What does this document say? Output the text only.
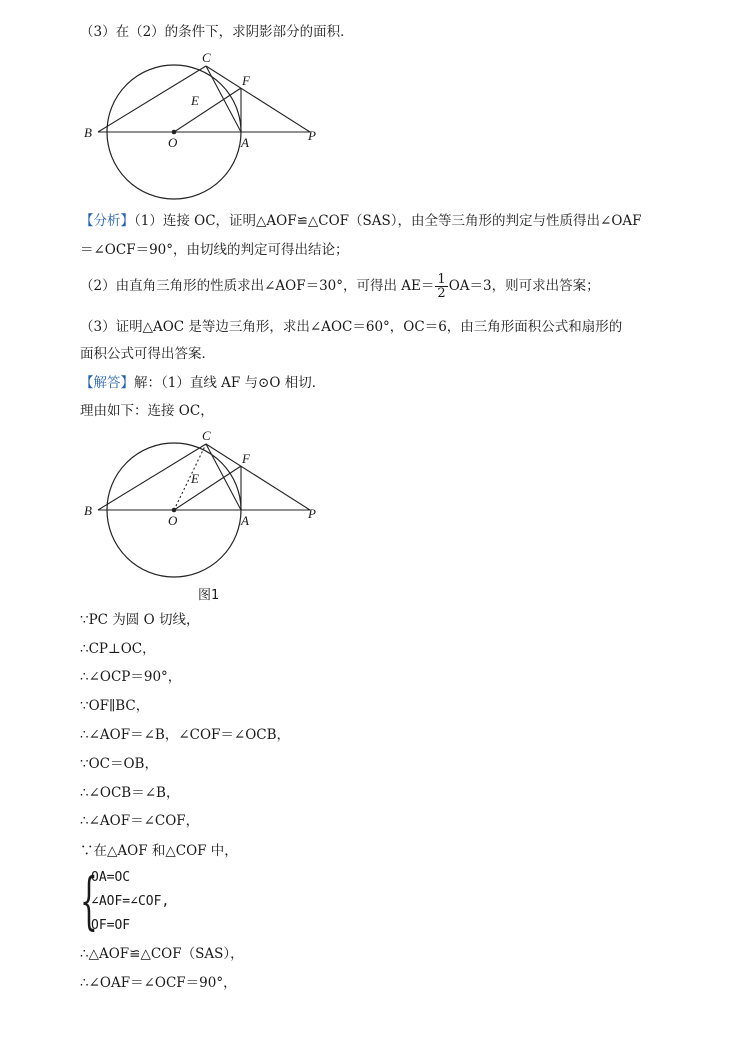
（3）在（2）的条件下，求阴影部分的面积．
C
F
E
B
O	A	P
【分析】（1）连接 OC，证明△AOF≌△COF（SAS），由全等三角形的判定与性质得出∠OAF
＝∠OCF＝90°，由切线的判定可得出结论；
（2）由直角三角形的性质求出∠AOF＝30°，可得出 $AE= \frac{1}{2} OA=3$，则可求出答案；
（3）证明△AOC 是等边三角形，求出∠AOC＝60°，OC＝6，由三角形面积公式和扇形的
面积公式可得出答案．
【解答】解：（1）直线 AF 与⊙O 相切．
理由如下：连接 OC，
C
F
E
B
O	A	P
图1
∵PC 为圆 O 切线，
∴CP⊥OC，
∴∠OCP＝90°，
∵OF∥BC，
∴∠AOF＝∠B，∠COF＝∠OCB，
∵OC＝OB，
∴∠OCB＝∠B，
∴∠AOF＝∠COF，
∵在△AOF 和△COF 中，
{
OA=OC
∠AOF=∠COF,
OF=OF
∴△AOF≌△COF（SAS），
∴∠OAF＝∠OCF＝90°，
